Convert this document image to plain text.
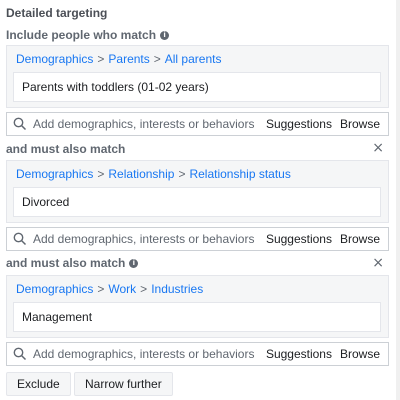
Detailed targeting
Include people who match	i
Demographics > Parents > All parents
Parents with toddlers (01-02 years)
Add demographics, interests or behaviors
Suggestions Browse
and must also match	×
Demographics > Relationship > Relationship status
Divorced
Add demographics, interests or behaviors
Suggestions Browse
and must also match	i	×
Demographics > Work > Industries
Management
Add demographics, interests or behaviors
Suggestions Browse
Exclude	Narrow further
